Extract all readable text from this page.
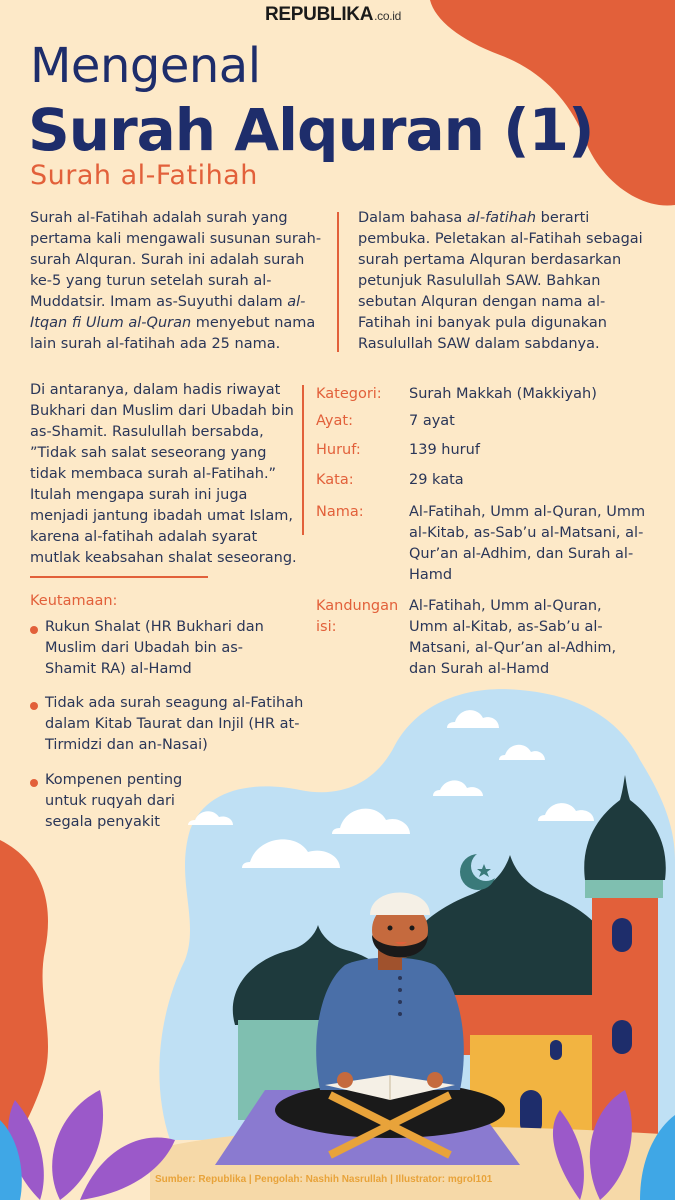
REPUBLIKA.co.id
Mengenal
Surah Alquran (1)
Surah al-Fatihah
Surah al-Fatihah adalah surah yang pertama kali mengawali susunan surah-surah Alquran. Surah ini adalah surah ke-5 yang turun setelah surah al-Muddatsir. Imam as-Suyuthi dalam al-Itqan fi Ulum al-Quran menyebut nama lain surah al-fatihah ada 25 nama.
Dalam bahasa al-fatihah berarti pembuka. Peletakan al-Fatihah sebagai surah pertama Alquran berdasarkan petunjuk Rasulullah SAW. Bahkan sebutan Alquran dengan nama al-Fatihah ini banyak pula digunakan Rasulullah SAW dalam sabdanya.
Di antaranya, dalam hadis riwayat Bukhari dan Muslim dari Ubadah bin as-Shamit. Rasulullah bersabda, ”Tidak sah salat seseorang yang tidak membaca surah al-Fatihah.” Itulah mengapa surah ini juga menjadi jantung ibadah umat Islam, karena al-fatihah adalah syarat mutlak keabsahan shalat seseorang.
Kategori: Surah Makkah (Makkiyah)
Ayat:	7 ayat
Huruf:	139 huruf
Kata:	29 kata
Nama:	Al-Fatihah, Umm al-Quran, Umm al-Kitab, as-Sab’u al-Matsani, al-Qur’an al-Adhim, dan Surah al-Hamd
Kandungan isi:
Al-Fatihah, Umm al-Quran, Umm al-Kitab, as-Sab’u al-Matsani, al-Qur’an al-Adhim, dan Surah al-Hamd
Keutamaan:
Rukun Shalat (HR Bukhari dan Muslim dari Ubadah bin as-Shamit RA) al-Hamd
Tidak ada surah seagung al-Fatihah dalam Kitab Taurat dan Injil (HR at-Tirmidzi dan an-Nasai)
Kompenen penting untuk ruqyah dari segala penyakit
Sumber: Republika | Pengolah: Nashih Nasrullah | Illustrator: mgrol101
